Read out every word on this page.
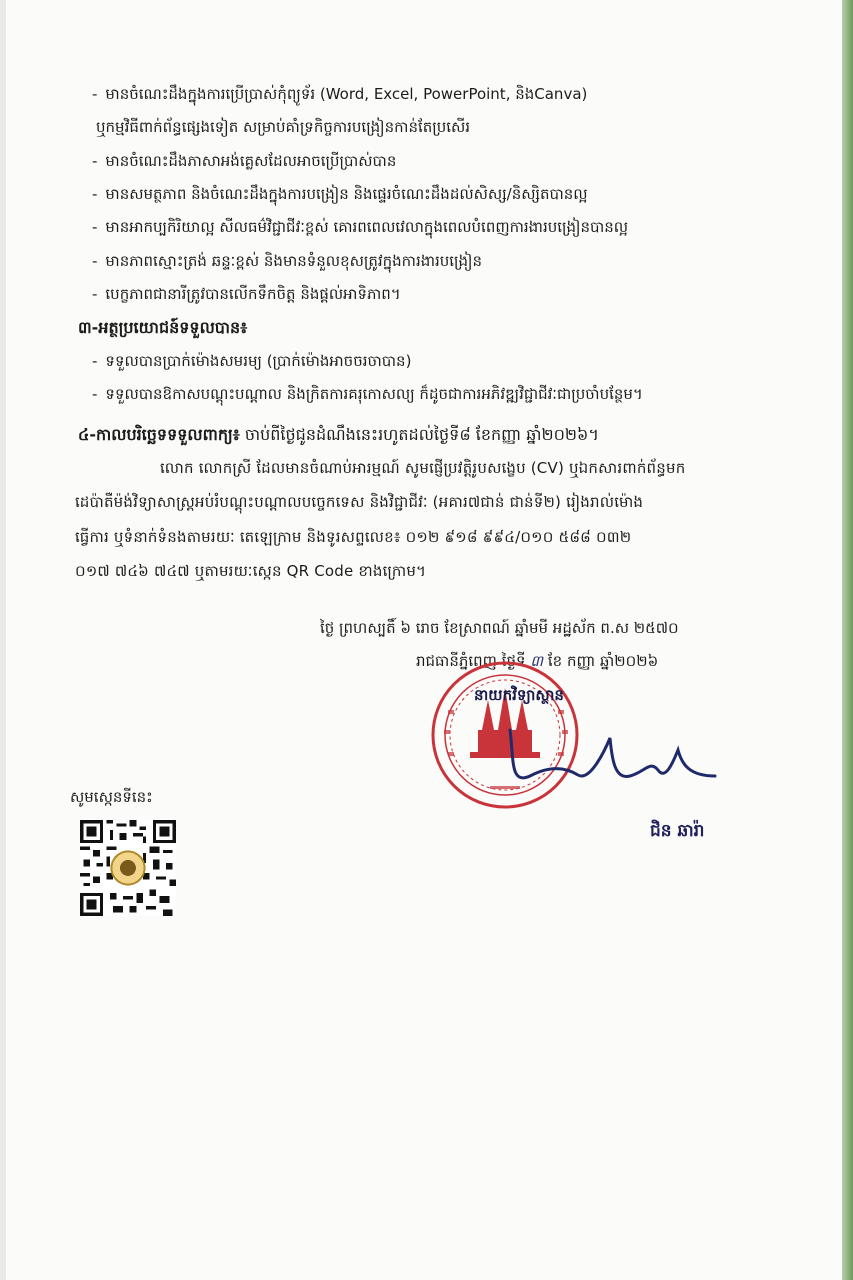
- មានចំណេះដឹងក្នុងការប្រើប្រាស់កុំព្យូទ័រ (Word, Excel, PowerPoint, និងCanva)
ឬកម្មវិធីពាក់ព័ន្ធផ្សេងទៀត សម្រាប់គាំទ្រកិច្ចការបង្រៀនកាន់តែប្រសើរ
- មានចំណេះដឹងភាសាអង់គ្លេសដែលអាចប្រើប្រាស់បាន
- មានសមត្ថភាព និងចំណេះដឹងក្នុងការបង្រៀន និងផ្ទេរចំណេះដឹងដល់សិស្ស/និស្សិតបានល្អ
- មានអាកប្បកិរិយាល្អ សីលធម៌វិជ្ជាជីវៈខ្ពស់ គោរពពេលវេលាក្នុងពេលបំពេញការងារបង្រៀនបានល្អ
- មានភាពស្មោះត្រង់ ឆន្ទៈខ្ពស់ និងមានទំនួលខុសត្រូវក្នុងការងារបង្រៀន
- បេក្ខភាពជានារីត្រូវបានលើកទឹកចិត្ត និងផ្តល់អាទិភាព។
៣-អត្ថប្រយោជន៍ទទួលបាន៖
- ទទួលបានប្រាក់ម៉ោងសមរម្យ (ប្រាក់ម៉ោងអាចចរចាបាន)
- ទទួលបានឱកាសបណ្តុះបណ្តាល និងក្រិតការគរុកោសល្យ ក៏ដូចជាការអភិវឌ្ឍវិជ្ជាជីវៈជាប្រចាំបន្ថែម។
៤-កាលបរិច្ឆេទទទួលពាក្យ៖ ចាប់ពីថ្ងៃជូនដំណឹងនេះរហូតដល់ថ្ងៃទី៨ ខែកញ្ញា ឆ្នាំ២០២៦។
លោក លោកស្រី ដែលមានចំណាប់អារម្មណ៍ សូមផ្ញើប្រវត្តិរូបសង្ខេប (CV) ឬឯកសារពាក់ព័ន្ធមក
ដេប៉ាតឺម៉ង់វិទ្យាសាស្ត្រអប់រំបណ្តុះបណ្តាលបច្ចេកទេស និងវិជ្ជាជីវៈ (អគារ៧ជាន់ ជាន់ទី២) រៀងរាល់ម៉ោង
ធ្វើការ ឬទំនាក់ទំនងតាមរយៈ តេឡេក្រាម និងទូរសព្ទលេខ៖ ០១២ ៩១៨ ៩៩៤/០១០ ៥៨៨ ០៣២
០១៧ ៧៤៦ ៧៤៧ ឬតាមរយៈស្កេន QR Code ខាងក្រោម។
ថ្ងៃ ព្រហស្បតិ៍ ៦ រោច ខែស្រាពណ៍ ឆ្នាំមមី អដ្ឋស័ក ព.ស ២៥៧០
រាជធានីភ្នំពេញ ថ្ងៃទី ៣ ខែ កញ្ញា ឆ្នាំ២០២៦
នាយកវិទ្យាស្ថាន
ជិន ឆារ៉ា
សូមស្កេនទីនេះ
